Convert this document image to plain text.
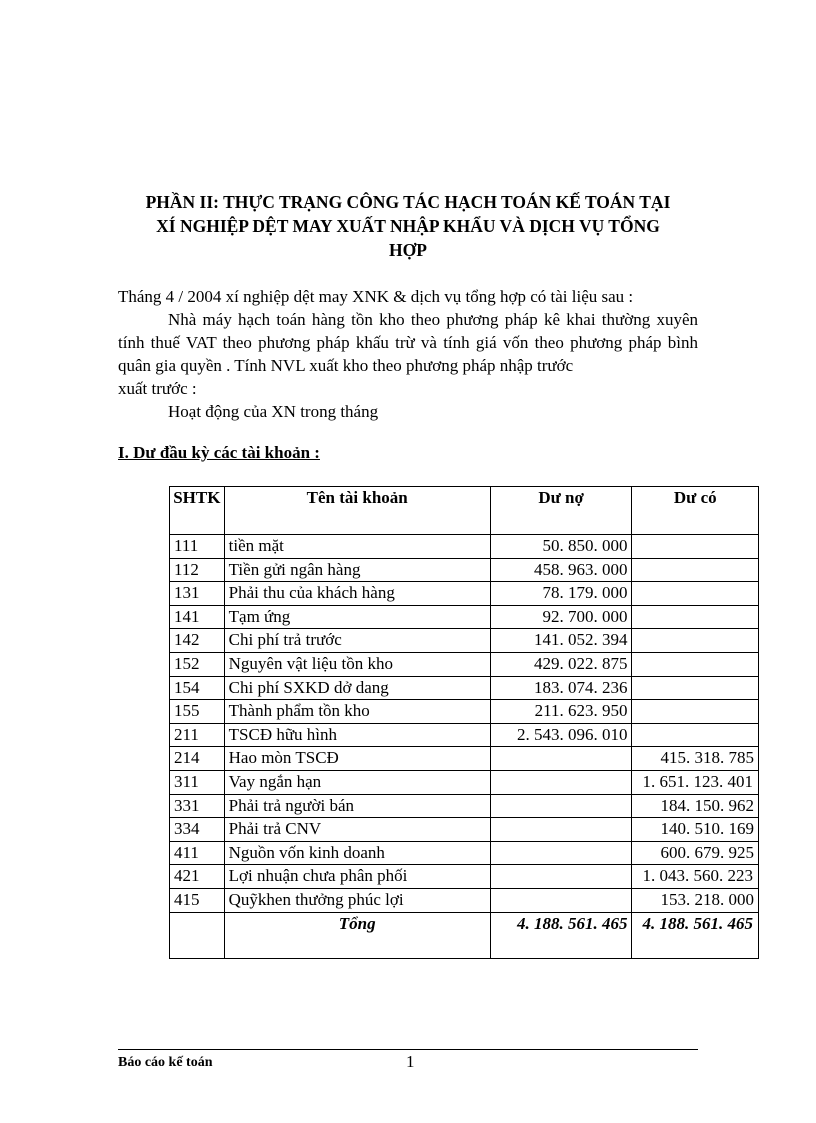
PHẦN II: THỰC TRẠNG CÔNG TÁC HẠCH TOÁN KẾ TOÁN TẠI
XÍ NGHIỆP DỆT MAY XUẤT NHẬP KHẨU VÀ DỊCH VỤ TỔNG
HỢP

Tháng 4 / 2004 xí nghiệp dệt may XNK & dịch vụ tổng hợp có tài liệu sau :

Nhà máy hạch toán hàng tồn kho theo phương pháp kê khai thường xuyên tính thuế VAT theo phương pháp khấu trừ và tính giá vốn theo phương pháp bình quân gia quyền . Tính NVL xuất kho theo phương pháp nhập trước

xuất trước :

Hoạt động của XN trong tháng

I. Dư đầu kỳ các tài khoản :
SHTK	Tên tài khoản	Dư nợ	Dư có
111	tiền mặt	50. 850. 000	
112	Tiền gửi ngân hàng	458. 963. 000	
131	Phải thu của khách hàng	78. 179. 000	
141	Tạm ứng	92. 700. 000	
142	Chi phí trả trước	141. 052. 394	
152	Nguyên vật liệu tồn kho	429. 022. 875	
154	Chi phí SXKD dở dang	183. 074. 236	
155	Thành phẩm tồn kho	211. 623. 950	
211	TSCĐ hữu hình	2. 543. 096. 010	
214	Hao mòn TSCĐ		415. 318. 785
311	Vay ngắn hạn		1. 651. 123. 401
331	Phải trả người bán		184. 150. 962
334	Phải trả CNV		140. 510. 169
411	Nguồn vốn kinh doanh		600. 679. 925
421	Lợi nhuận chưa phân phối		1. 043. 560. 223
415	Quỹkhen thưởng phúc lợi		153. 218. 000
	Tổng	4. 188. 561. 465	4. 188. 561. 465
Báo cáo kế toán	1
